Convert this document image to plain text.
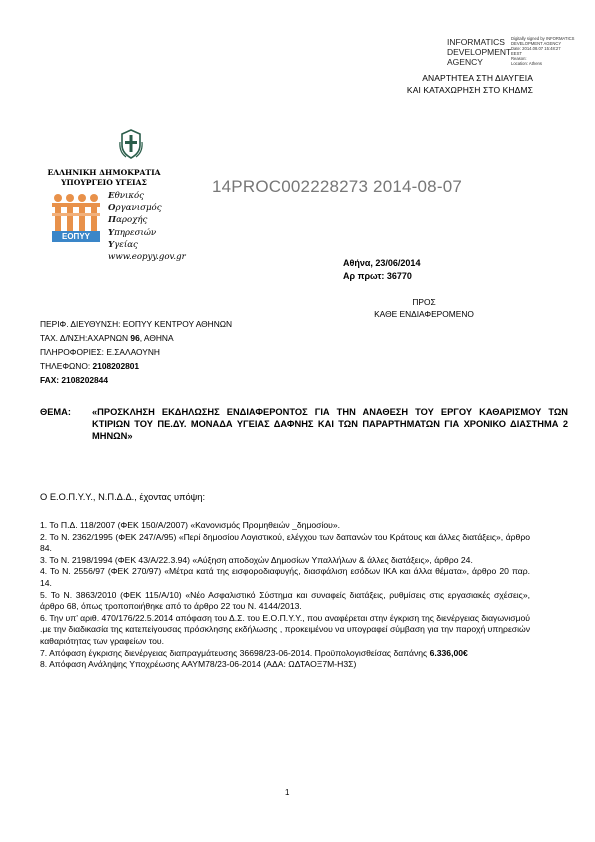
INFORMATICS DEVELOPMENT AGENCY
Digitally signed by INFORMATICS
DEVELOPMENT AGENCY
Date: 2014.08.07 15:48:27
EEST
Reason:
Location: Athens
ΑΝΑΡΤΗΤΕΑ ΣΤΗ ΔΙΑΥΓΕΙΑ
ΚΑΙ ΚΑΤΑΧΩΡΗΣΗ ΣΤΟ ΚΗΔΜΣ
14PROC002228273 2014-08-07
ΕΛΛΗΝΙΚΗ ΔΗΜΟΚΡΑΤΙΑ
ΥΠΟΥΡΓΕΙΟ ΥΓΕΙΑΣ
ΕΟΠΥΥ
Εθνικός
Οργανισμός
Παροχής
Υπηρεσιών
Υγείας
www.eopyy.gov.gr
Αθήνα, 23/06/2014
Αρ πρωτ: 36770
ΠΡΟΣ
ΚΑΘΕ ΕΝΔΙΑΦΕΡΟΜΕΝΟ
ΠΕΡΙΦ. ΔΙΕΥΘΥΝΣΗ: ΕΟΠΥΥ ΚΕΝΤΡΟΥ ΑΘΗΝΩΝ
ΤΑΧ. Δ/ΝΣΗ:ΑΧΑΡΝΩΝ 96, ΑΘΗΝΑ
ΠΛΗΡΟΦΟΡΙΕΣ: Ε.ΣΑΛΑΟΥΝΗ
ΤΗΛΕΦΩΝΟ: 2108202801
FAX: 2108202844
ΘΕΜΑ: «ΠΡΟΣΚΛΗΣΗ ΕΚΔΗΛΩΣΗΣ ΕΝΔΙΑΦΕΡΟΝΤΟΣ ΓΙΑ ΤΗΝ ΑΝΑΘΕΣΗ ΤΟΥ ΕΡΓΟΥ ΚΑΘΑΡΙΣΜΟΥ ΤΩΝ ΚΤΙΡΙΩΝ ΤΟΥ ΠΕ.ΔΥ. ΜΟΝΑΔΑ ΥΓΕΙΑΣ ΔΑΦΝΗΣ ΚΑΙ ΤΩΝ ΠΑΡΑΡΤΗΜΑΤΩΝ ΓΙΑ ΧΡΟΝΙΚΟ ΔΙΑΣΤΗΜΑ 2 ΜΗΝΩΝ»
Ο Ε.Ο.Π.Υ.Υ., Ν.Π.Δ.Δ., έχοντας υπόψη:

1. Το Π.Δ. 118/2007 (ΦΕΚ 150/Α/2007) «Κανονισμός Προμηθειών _δημοσίου».

2. Το Ν. 2362/1995 (ΦΕΚ 247/Α/95) «Περί δημοσίου Λογιστικού, ελέγχου των δαπανών του Κράτους και άλλες διατάξεις», άρθρο 84.

3. Το Ν. 2198/1994 (ΦΕΚ 43/Α/22.3.94) «Αύξηση αποδοχών Δημοσίων Υπαλλήλων & άλλες διατάξεις», άρθρο 24.

4. Το Ν. 2556/97 (ΦΕΚ 270/97) «Μέτρα κατά της εισφοροδιαφυγής, διασφάλιση εσόδων ΙΚΑ και άλλα θέματα», άρθρο 20 παρ. 14.

5. Το Ν. 3863/2010 (ΦΕΚ 115/Α/10) «Νέο Ασφαλιστικό Σύστημα και συναφείς διατάξεις, ρυθμίσεις στις εργασιακές σχέσεις», άρθρο 68, όπως τροποποιήθηκε από το άρθρο 22 του Ν. 4144/2013.

6. Την υπ’ αριθ. 470/176/22.5.2014 απόφαση του Δ.Σ. του Ε.Ο.Π.Υ.Υ., που αναφέρεται στην έγκριση της διενέργειας διαγωνισμού .με την διαδικασία της κατεπείγουσας πρόσκλησης εκδήλωσης , προκειμένου να υπογραφεί σύμβαση για την παροχή υπηρεσιών καθαριότητας των γραφείων του.

7. Απόφαση έγκρισης διενέργειας διαπραγμάτευσης 36698/23-06-2014. Προϋπολογισθείσας δαπάνης 6.336,00€

8. Απόφαση Ανάληψης Υποχρέωσης ΑΑΥΜ78/23-06-2014 (ΑΔΑ: ΩΔΤΑΟΞ7Μ-Η3Σ)

1
